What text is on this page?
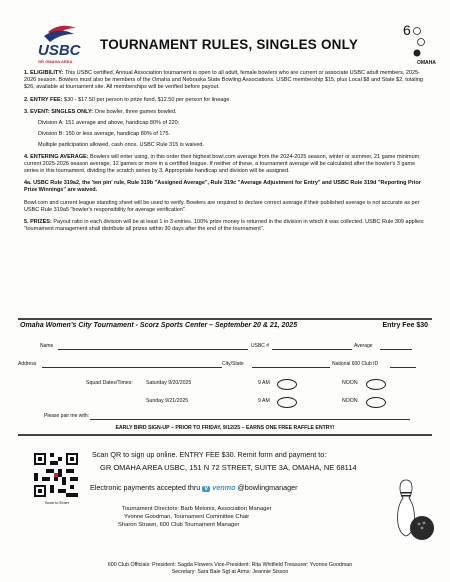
USBC
GR OMAHA AREA
TOURNAMENT RULES, SINGLES ONLY
6
OMAHA

1. ELIGIBILITY: This USBC certified, Annual Association tournament is open to all adult, female bowlers who are current or associate USBC adult members, 2025-2026 season. Bowlers must also be members of the Omaha and Nebraska State Bowling Associations. USBC membership $15, plus Local $8 and State $2, totaling $26, available at tournament site. All memberships will be verified before payout.

2. ENTRY FEE: $30 - $17.50 per person to prize fund, $12.50 per person for lineage.

3. EVENT: SINGLES ONLY: One bowler, three games bowled.

Division A: 151 average and above, handicap 80% of 220;

Division B: 150 or less average, handicap 80% of 175.

Multiple participation allowed, cash once. USBC Rule 315 is waived.

4. ENTERING AVERAGE: Bowlers will enter using, in this order their highest bowl.com average from the 2024-2025 season, winter or summer, 21 game minimum; current 2025-2026 season average, 12 games or more in a certified league. If neither of these, a tournament average will be calculated after the bowler's 3 game series in this tournament, dividing the scratch series by 3. Appropriate handicap and division will be assigned.

4a. USBC Rule 319a2, the 'ten pin' rule, Rule 319b "Assigned Average", Rule 319c "Average Adjustment for Entry" and USBC Rule 319d "Reporting Prior Prize Winnings" are waived.

Bowl.com and current league standing sheet will be used to verify. Bowlers are required to declare correct average if their published average is not accurate as per USBC Rule 319a5 "bowler's responsibility for average verification".

5. PRIZES: Payout ratio in each division will be at least 1 in 3 entries. 100% prize money is returned in the division in which it was collected. USBC Rule 309 applies: "tournament management shall distribute all prizes within 30 days after the end of the tournament".

Omaha Women's City Tournament - Scorz Sports Center – September 20 & 21, 2025	Entry Fee $30
Name	USBC #	Average
Address	City/State	National 600 Club ID
Squad Dates/Times:	Saturday 9/20/2025	9 AM	NOON
Sunday 9/21/2025	9 AM	NOON
Please pair me with:
EARLY BIRD SIGN-UP – PRIOR TO FRIDAY, 9/12/25 – EARNS ONE FREE RAFFLE ENTRY!
Scan to Enter
Scan QR to sign up online. ENTRY FEE $30. Remit form and payment to:
GR OMAHA AREA USBC, 151 N 72 STREET, SUITE 3A, OMAHA, NE 68114
Electronic payments accepted thru V venmo @bowlingmanager
Tournament Directors: Barb Melonis, Association Manager
Yvonne Goodman, Tournament Committee Chair
Sharon Strawn, 600 Club Tournament Manager
600 Club Officials: President: Sagda Flowers Vice-President: Rita Whitfield Treasurer: Yvonne Goodman
Secretary: Sara Bale Sgt at Arms: Jeannie Sisson
